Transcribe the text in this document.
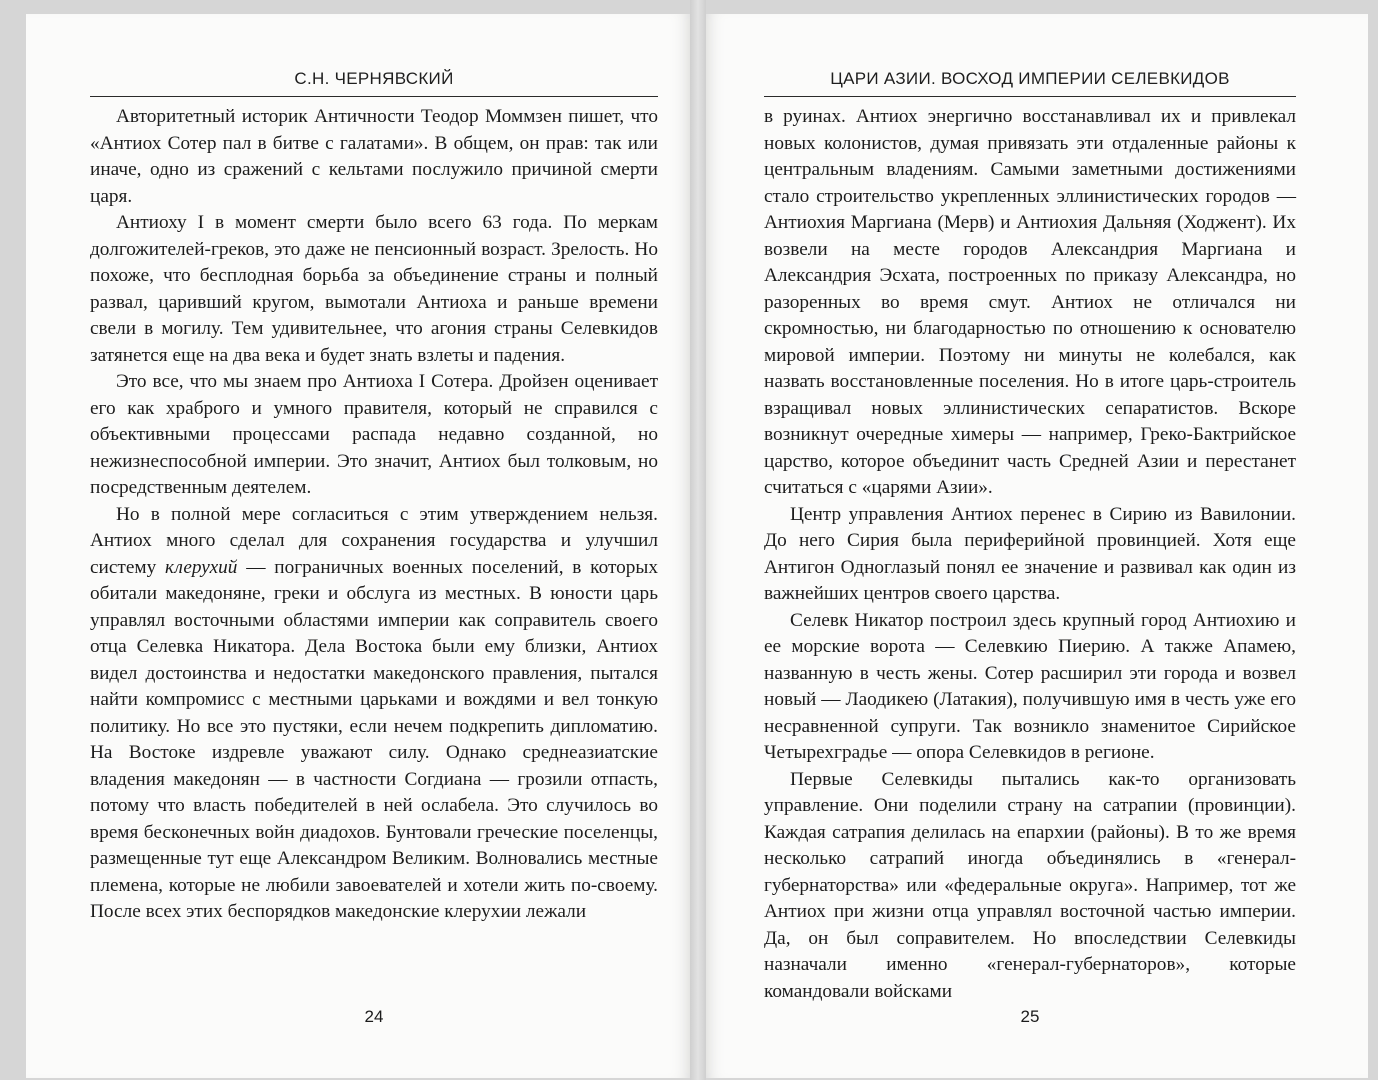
С.Н. ЧЕРНЯВСКИЙ

Авторитетный историк Античности Теодор Моммзен пишет, что «Антиох Сотер пал в битве с галатами». В общем, он прав: так или иначе, одно из сражений с кельтами послужило причиной смерти царя.

Антиоху I в момент смерти было всего 63 года. По меркам долгожителей-греков, это даже не пенсионный возраст. Зрелость. Но похоже, что бесплодная борьба за объединение страны и полный развал, царивший кругом, вымотали Антиоха и раньше времени свели в могилу. Тем удивительнее, что агония страны Селевкидов затянется еще на два века и будет знать взлеты и падения.

Это все, что мы знаем про Антиоха I Сотера. Дройзен оценивает его как храброго и умного правителя, который не справился с объективными процессами распада недавно созданной, но нежизнеспособной империи. Это значит, Антиох был толковым, но посредственным деятелем.

Но в полной мере согласиться с этим утверждением нельзя. Антиох много сделал для сохранения государства и улучшил систему клерухий — пограничных военных поселений, в которых обитали македоняне, греки и обслуга из местных. В юности царь управлял восточными областями империи как соправитель своего отца Селевка Никатора. Дела Востока были ему близки, Антиох видел достоинства и недостатки македонского правления, пытался найти компромисс с местными царьками и вождями и вел тонкую политику. Но все это пустяки, если нечем подкрепить дипломатию. На Востоке издревле уважают силу. Однако среднеазиатские владения македонян — в частности Согдиана — грозили отпасть, потому что власть победителей в ней ослабела. Это случилось во время бесконечных войн диадохов. Бунтовали греческие поселенцы, размещенные тут еще Александром Великим. Волновались местные племена, которые не любили завоевателей и хотели жить по-своему. После всех этих беспорядков македонские клерухии лежали

24
ЦАРИ АЗИИ. ВОСХОД ИМПЕРИИ СЕЛЕВКИДОВ

в руинах. Антиох энергично восстанавливал их и привлекал новых колонистов, думая привязать эти отдаленные районы к центральным владениям. Самыми заметными достижениями стало строительство укрепленных эллинистических городов — Антиохия Маргиана (Мерв) и Антиохия Дальняя (Ходжент). Их возвели на месте городов Александрия Маргиана и Александрия Эсхата, построенных по приказу Александра, но разоренных во время смут. Антиох не отличался ни скромностью, ни благодарностью по отношению к основателю мировой империи. Поэтому ни минуты не колебался, как назвать восстановленные поселения. Но в итоге царь-строитель взращивал новых эллинистических сепаратистов. Вскоре возникнут очередные химеры — например, Греко-Бактрийское царство, которое объединит часть Средней Азии и перестанет считаться с «царями Азии».

Центр управления Антиох перенес в Сирию из Вавилонии. До него Сирия была периферийной провинцией. Хотя еще Антигон Одноглазый понял ее значение и развивал как один из важнейших центров своего царства.

Селевк Никатор построил здесь крупный город Антиохию и ее морские ворота — Селевкию Пиерию. А также Апамею, названную в честь жены. Сотер расширил эти города и возвел новый — Лаодикею (Латакия), получившую имя в честь уже его несравненной супруги. Так возникло знаменитое Сирийское Четырехградье — опора Селевкидов в регионе.

Первые Селевкиды пытались как-то организовать управление. Они поделили страну на сатрапии (провинции). Каждая сатрапия делилась на епархии (районы). В то же время несколько сатрапий иногда объединялись в «генерал-губернаторства» или «федеральные округа». Например, тот же Антиох при жизни отца управлял восточной частью империи. Да, он был соправителем. Но впоследствии Селевкиды назначали именно «генерал-губернаторов», которые командовали войсками

25
